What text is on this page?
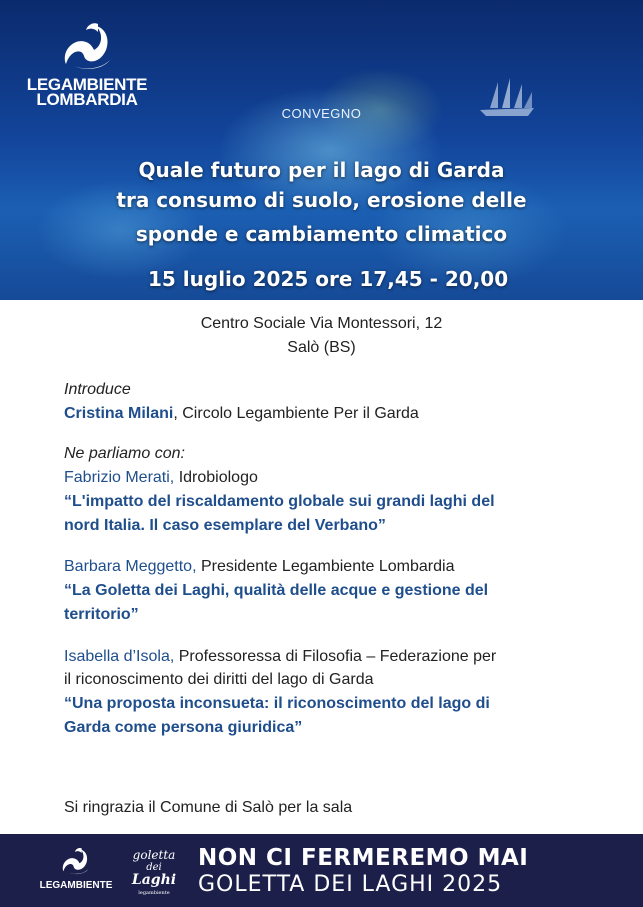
LEGAMBIENTE
LOMBARDIA
CONVEGNO
Quale futuro per il lago di Garda
tra consumo di suolo, erosione delle
sponde e cambiamento climatico
15 luglio 2025 ore 17,45 - 20,00
Centro Sociale Via Montessori, 12
Salò (BS)
Introduce
Cristina Milani, Circolo Legambiente Per il Garda
Ne parliamo con:
Fabrizio Merati, Idrobiologo
“L'impatto del riscaldamento globale sui grandi laghi del
nord Italia. Il caso esemplare del Verbano”
Barbara Meggetto, Presidente Legambiente Lombardia
“La Goletta dei Laghi, qualità delle acque e gestione del
territorio”
Isabella d’Isola, Professoressa di Filosofia – Federazione per
il riconoscimento dei diritti del lago di Garda
“Una proposta inconsueta: il riconoscimento del lago di
Garda come persona giuridica”
Si ringrazia il Comune di Salò per la sala
LEGAMBIENTE
goletta
dei
Laghi
legambiente
NON CI FERMEREMO MAI
GOLETTA DEI LAGHI 2025
